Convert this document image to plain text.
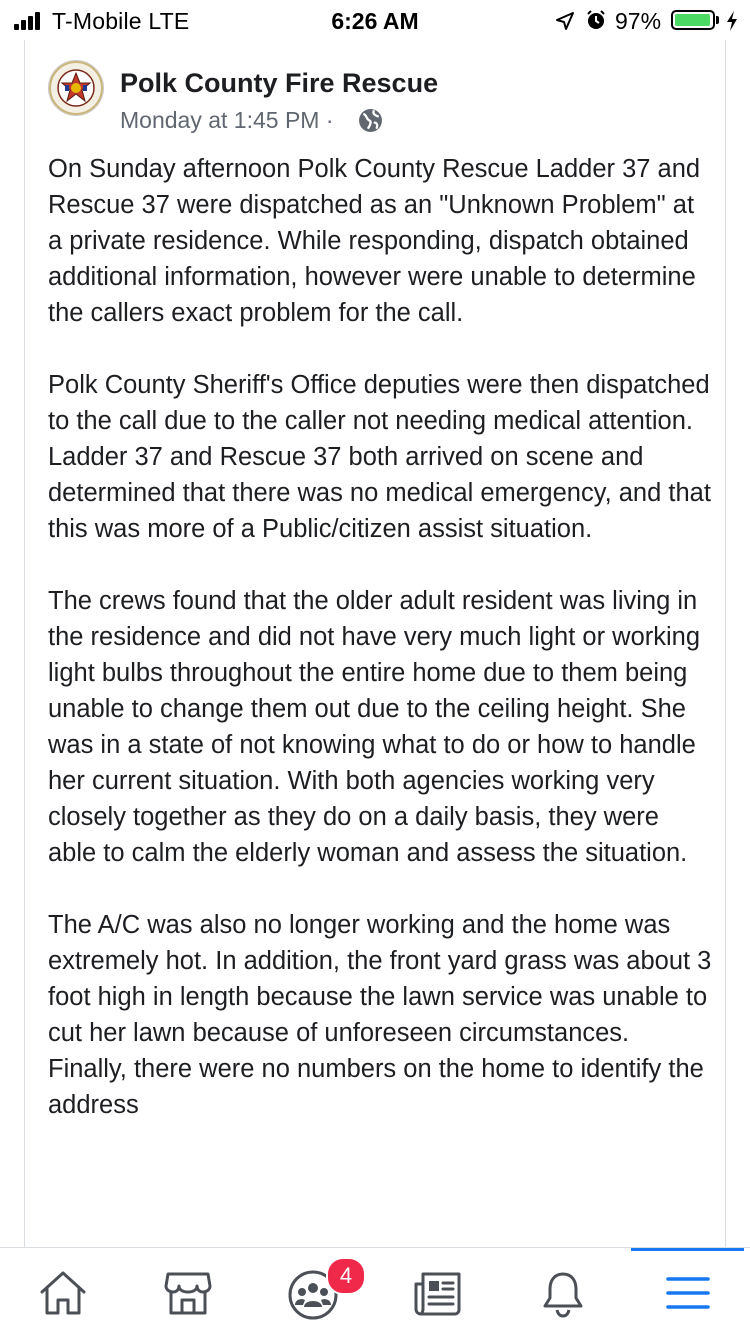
T-Mobile LTE	6:26 AM	97%
Polk County Fire Rescue
Monday at 1:45 PM ·

On Sunday afternoon Polk County Rescue Ladder 37 and Rescue 37 were dispatched as an "Unknown Problem" at a private residence. While responding, dispatch obtained additional information, however were unable to determine the callers exact problem for the call.

Polk County Sheriff's Office deputies were then dispatched to the call due to the caller not needing medical attention. Ladder 37 and Rescue 37 both arrived on scene and determined that there was no medical emergency, and that this was more of a Public/citizen assist situation.

The crews found that the older adult resident was living in the residence and did not have very much light or working light bulbs throughout the entire home due to them being unable to change them out due to the ceiling height. She was in a state of not knowing what to do or how to handle her current situation. With both agencies working very closely together as they do on a daily basis, they were able to calm the elderly woman and assess the situation.

The A/C was also no longer working and the home was extremely hot. In addition, the front yard grass was about 3 foot high in length because the lawn service was unable to cut her lawn because of unforeseen circumstances. Finally, there were no numbers on the home to identify the address

4
